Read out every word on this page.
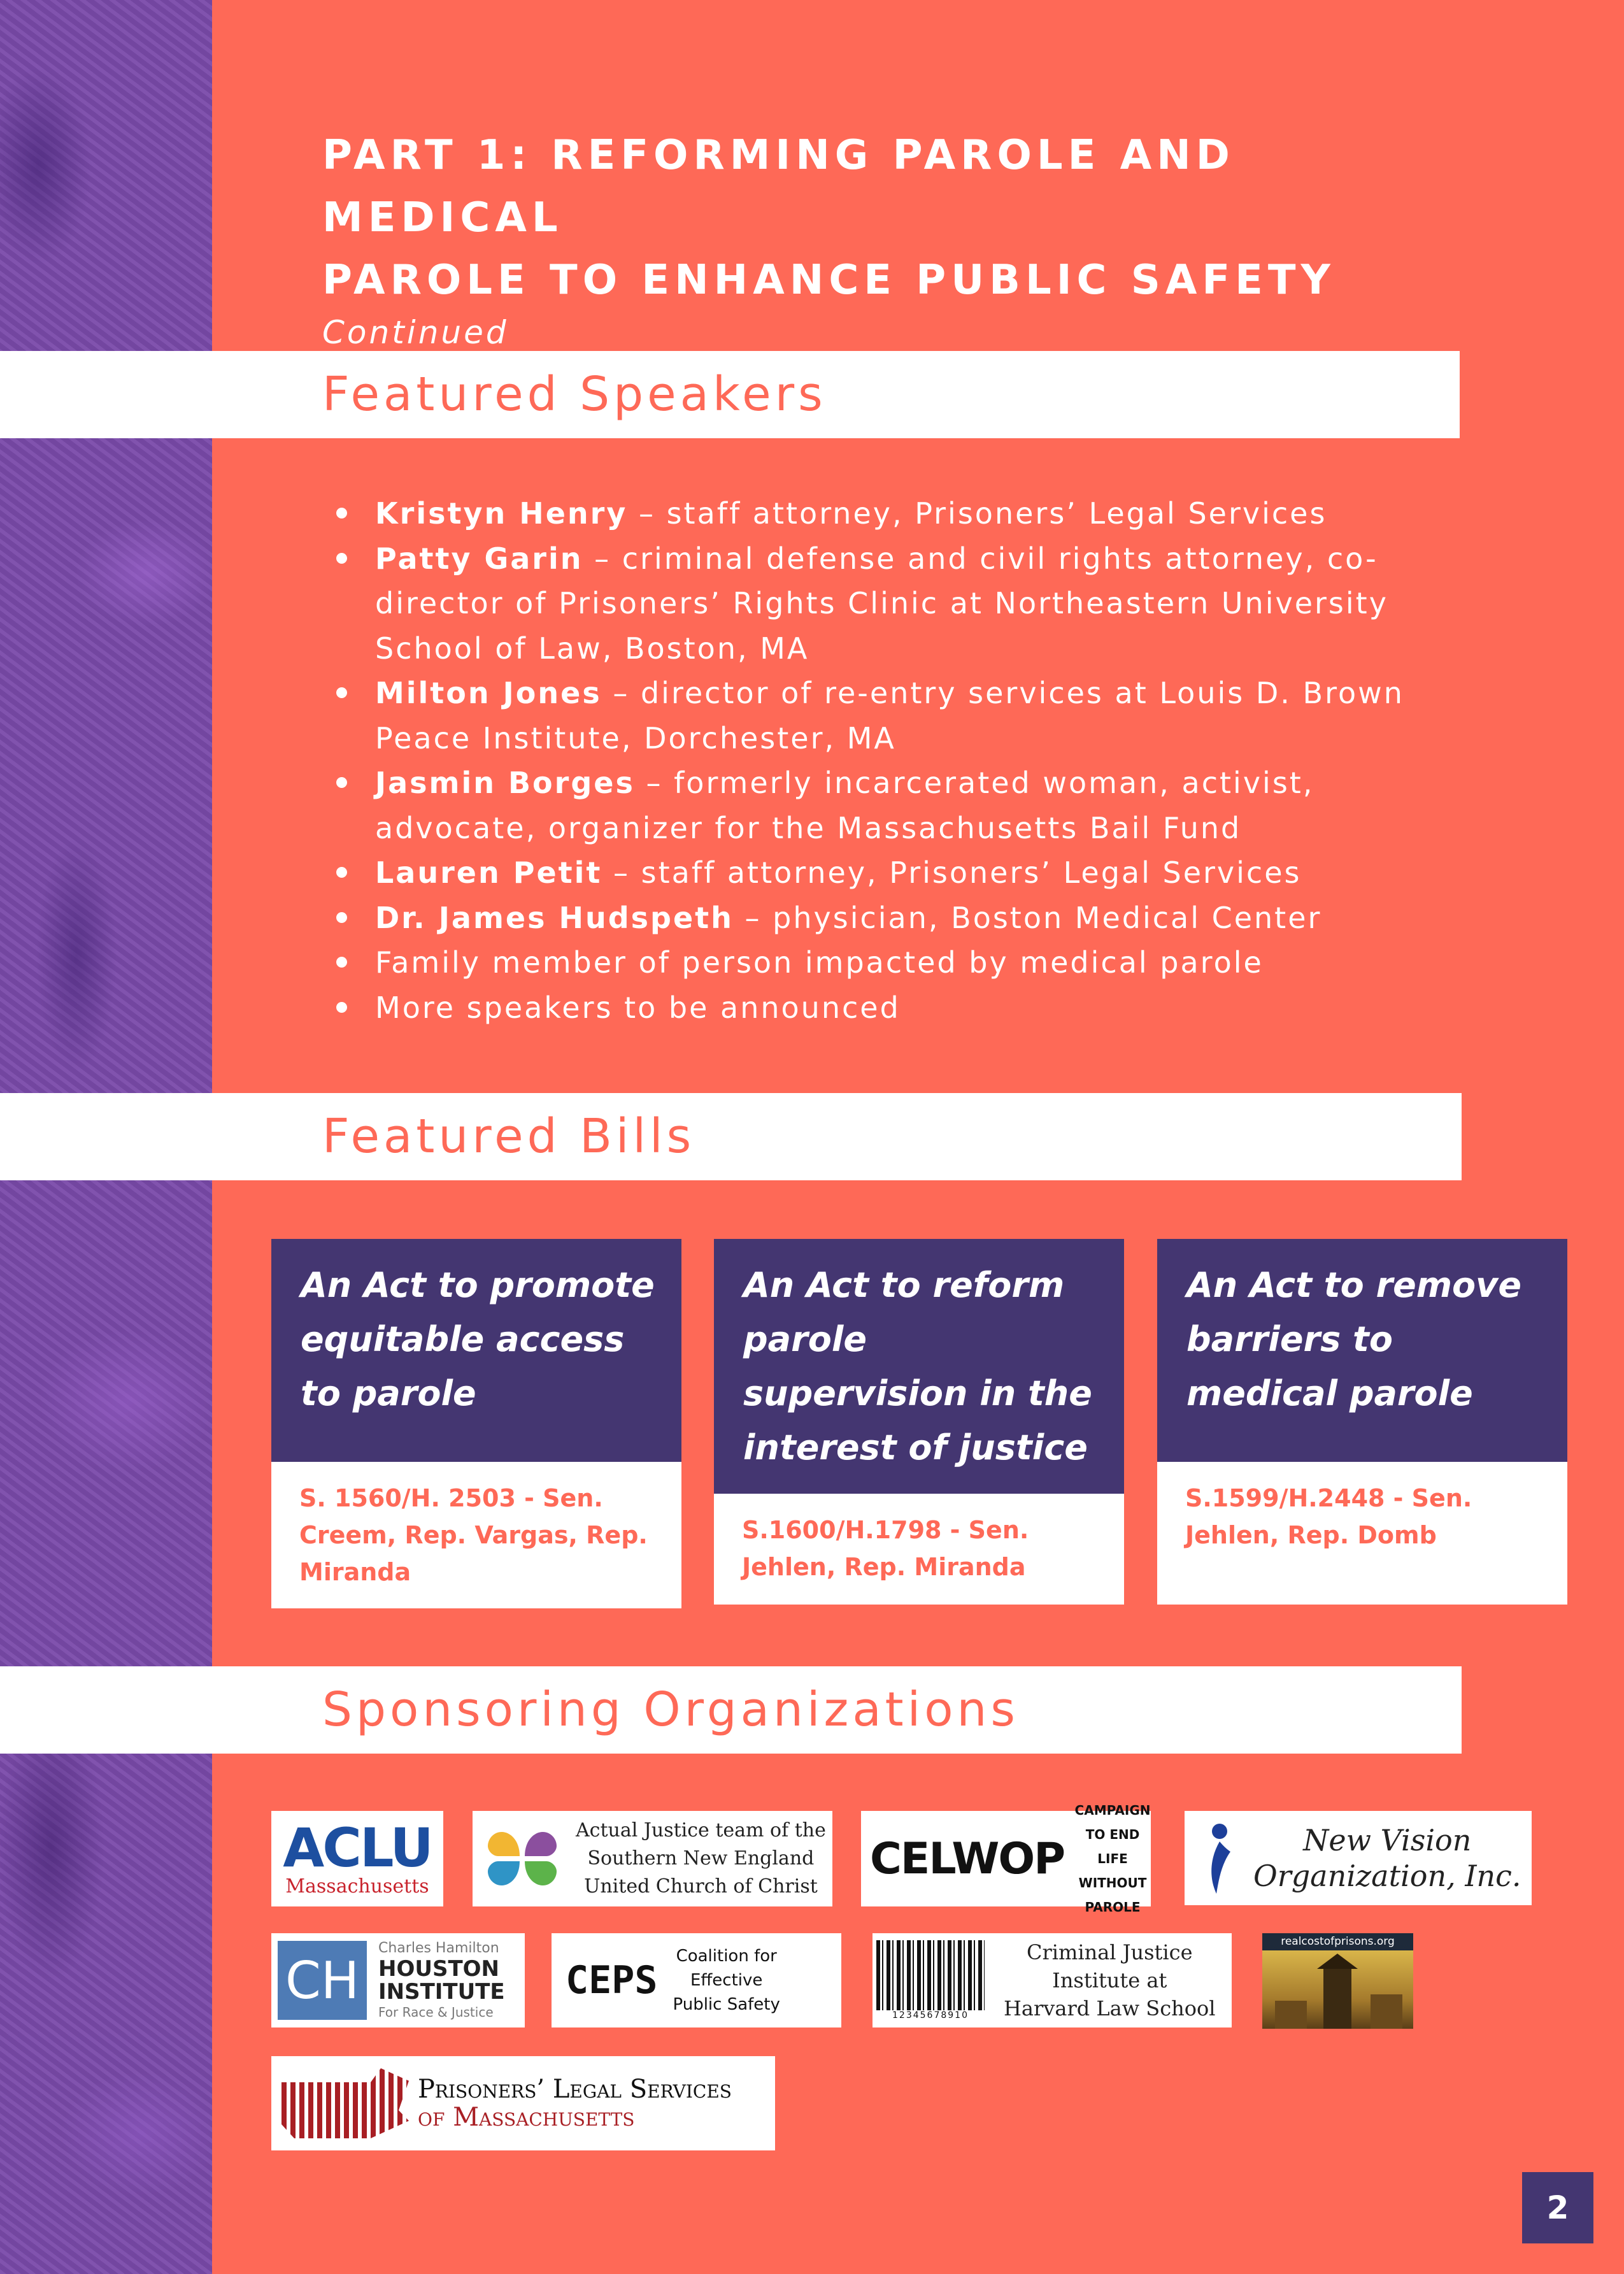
PART 1: REFORMING PAROLE AND MEDICAL
PAROLE TO ENHANCE PUBLIC SAFETY

Continued

Featured Speakers
Kristyn Henry – staff attorney, Prisoners’ Legal Services
Patty Garin – criminal defense and civil rights attorney, co-director of Prisoners’ Rights Clinic at Northeastern University School of Law, Boston, MA
Milton Jones – director of re-entry services at Louis D. Brown Peace Institute, Dorchester, MA
Jasmin Borges – formerly incarcerated woman, activist, advocate, organizer for the Massachusetts Bail Fund
Lauren Petit – staff attorney, Prisoners’ Legal Services
Dr. James Hudspeth – physician, Boston Medical Center
Family member of person impacted by medical parole
More speakers to be announced
Featured Bills
An Act to promote equitable access to parole
S. 1560/H. 2503 - Sen. Creem, Rep. Vargas, Rep. Miranda
An Act to reform parole supervision in the interest of justice
S.1600/H.1798 - Sen. Jehlen, Rep. Miranda
An Act to remove barriers to medical parole
S.1599/H.2448 - Sen. Jehlen, Rep. Domb
Sponsoring Organizations
ACLU
Massachusetts
Actual Justice team of the
Southern New England
United Church of Christ
CELWOP
CAMPAIGN TO END
LIFE WITHOUT
PAROLE
New Vision
Organization, Inc.
CH
Charles Hamilton
HOUSTON
INSTITUTE
For Race & Justice
CEPS
Coalition for
Effective
Public Safety
12345678910
Criminal Justice
Institute at
Harvard Law School
realcostofprisons.org
Prisoners’ Legal Services
of Massachusetts
2
